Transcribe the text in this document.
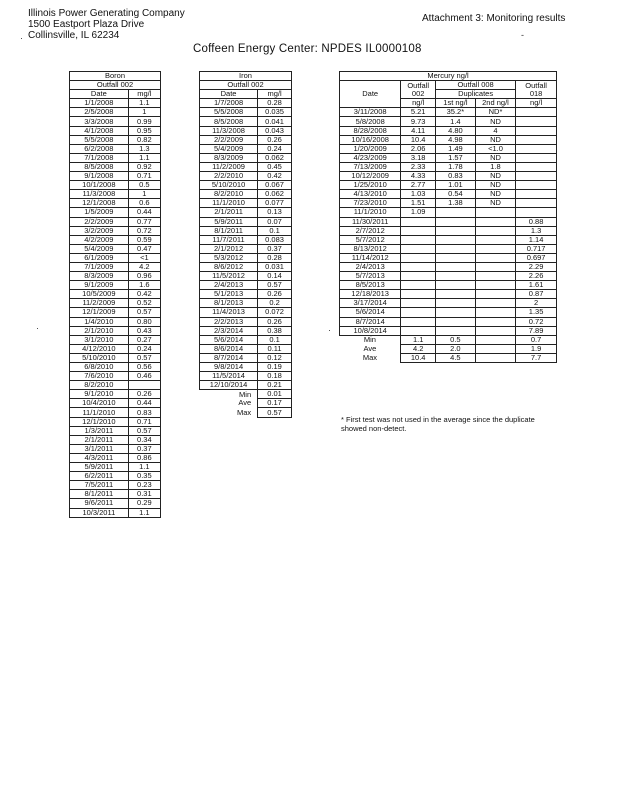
Illinois Power Generating Company
1500 Eastport Plaza Drive
Collinsville, IL 62234
Attachment 3: Monitoring results
Coffeen Energy Center: NPDES IL0000108
Boron	
Outfall 002	
Date	mg/l
1/1/2008	1.1
2/5/2008	1
3/3/2008	0.99
4/1/2008	0.95
5/5/2008	0.82
6/2/2008	1.3
7/1/2008	1.1
8/5/2008	0.92
9/1/2008	0.71
10/1/2008	0.5
11/3/2008	1
12/1/2008	0.6
1/5/2009	0.44
2/2/2009	0.77
3/2/2009	0.72
4/2/2009	0.59
5/4/2009	0.47
6/1/2009	<1
7/1/2009	4.2
8/3/2009	0.96
9/1/2009	1.6
10/5/2009	0.42
11/2/2009	0.52
12/1/2009	0.57
1/4/2010	0.80
2/1/2010	0.43
3/1/2010	0.27
4/12/2010	0.24
5/10/2010	0.57
6/8/2010	0.56
7/6/2010	0.46
8/2/2010	
9/1/2010	0.26
10/4/2010	0.44
11/1/2010	0.83
12/1/2010	0.71
1/3/2011	0.57
2/1/2011	0.34
3/1/2011	0.37
4/3/2011	0.86
5/9/2011	1.1
6/2/2011	0.35
7/5/2011	0.23
8/1/2011	0.31
9/6/2011	0.29
10/3/2011	1.1
Iron	
Outfall 002	
Date	mg/l
1/7/2008	0.28
5/5/2008	0.035
8/5/2008	0.041
11/3/2008	0.043
2/2/2009	0.26
5/4/2009	0.24
8/3/2009	0.062
11/2/2009	0.45
2/2/2010	0.42
5/10/2010	0.067
8/2/2010	0.062
11/1/2010	0.077
2/1/2011	0.13
5/9/2011	0.07
8/1/2011	0.1
11/7/2011	0.083
2/1/2012	0.37
5/3/2012	0.28
8/6/2012	0.031
11/5/2012	0.14
2/4/2013	0.57
5/1/2013	0.26
8/1/2013	0.2
11/4/2013	0.072
2/2/2013	0.26
2/3/2014	0.38
5/6/2014	0.1
8/6/2014	0.11
8/7/2014	0.12
9/8/2014	0.19
11/5/2014	0.18
12/10/2014	0.21
Min	0.01
Ave	0.17
Max	0.57
Mercury ng/l				
Date	Outfall 002	Outfall 008		Outfall 018
		Duplicates		
	ng/l	1st ng/l	2nd ng/l	ng/l
3/11/2008	5.21	35.2*	ND*	
5/8/2008	9.73	1.4	ND	
8/28/2008	4.11	4.80	4	
10/16/2008	10.4	4.98	ND	
1/20/2009	2.06	1.49	<1.0	
4/23/2009	3.18	1.57	ND	
7/13/2009	2.33	1.78	1.8	
10/12/2009	4.33	0.83	ND	
1/25/2010	2.77	1.01	ND	
4/13/2010	1.03	0.54	ND	
7/23/2010	1.51	1.38	ND	
11/1/2010	1.09			
11/30/2011				0.88
2/7/2012				1.3
5/7/2012				1.14
8/13/2012				0.717
11/14/2012				0.697
2/4/2013				2.29
5/7/2013				2.26
8/5/2013				1.61
12/18/2013				0.87
3/17/2014				2
5/6/2014				1.35
8/7/2014				0.72
10/8/2014				7.89
Min	1.1	0.5		0.7
Ave	4.2	2.0		1.9
Max	10.4	4.5		7.7
* First test was not used in the average since the duplicate showed non-detect.
·
·
·
-
